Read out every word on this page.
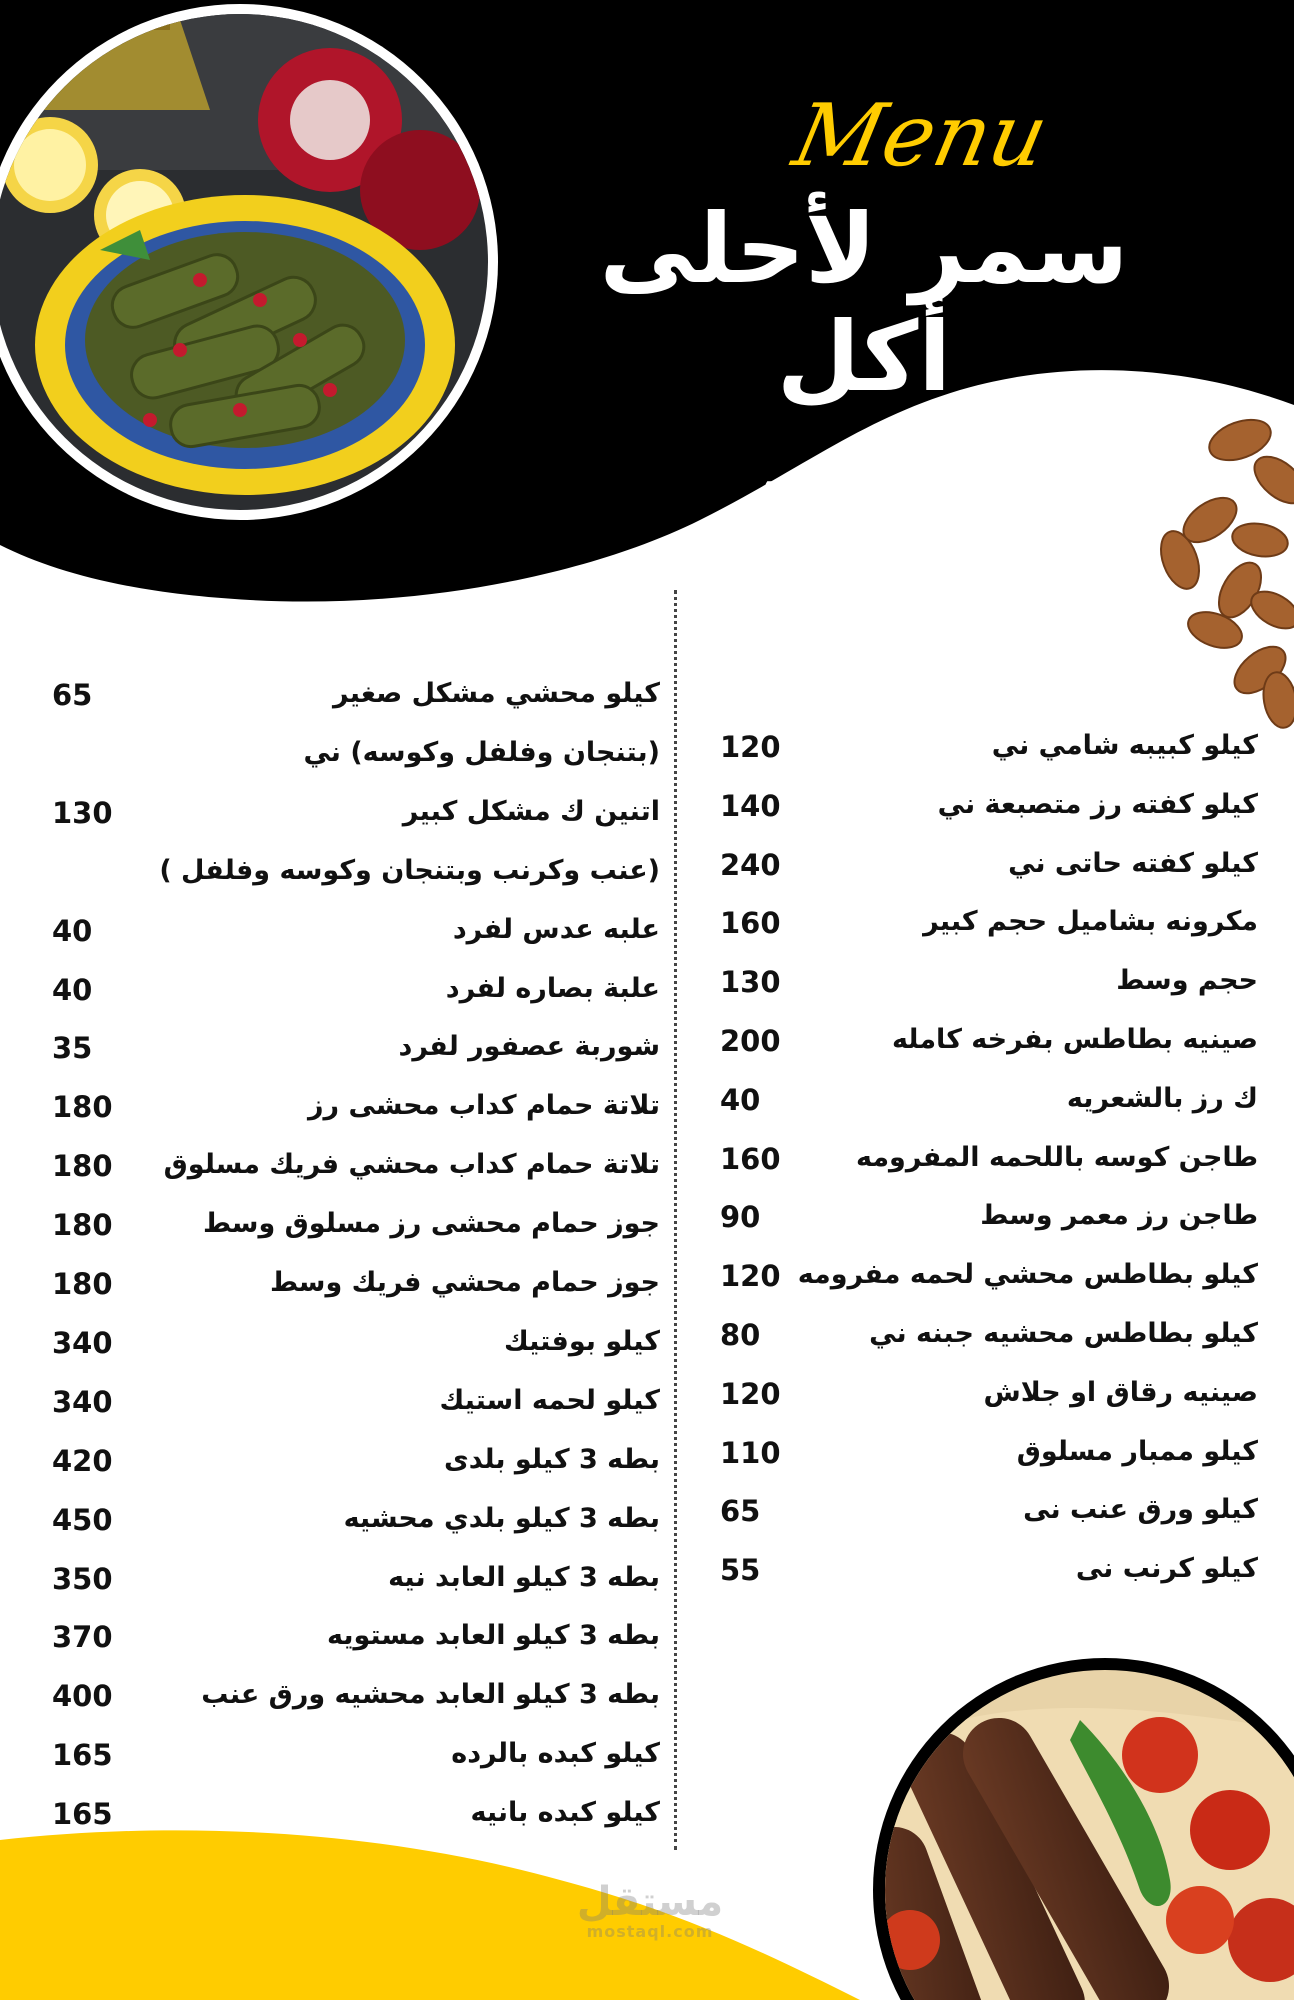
Menu
سمر لأحلى أكل
بيتي
كيلو محشي مشكل صغير
65
(بتنجان وفلفل وكوسه) ني
اتنين ك مشكل كبير
130
(عنب وكرنب وبتنجان وكوسه وفلفل )
علبه عدس لفرد
40
علبة بصاره لفرد
40
شوربة عصفور لفرد
35
تلاتة حمام كداب محشى رز
180
تلاتة حمام كداب محشي فريك مسلوق
180
جوز حمام محشى رز مسلوق وسط
180
جوز حمام محشي فريك وسط
180
كيلو بوفتيك
340
كيلو لحمه استيك
340
بطه 3 كيلو بلدى
420
بطه 3 كيلو بلدي محشيه
450
بطه 3 كيلو العابد نيه
350
بطه 3 كيلو العابد مستويه
370
بطه 3 كيلو العابد محشيه ورق عنب
400
كيلو كبده بالرده
165
كيلو كبده بانيه
165
كيلو كبيبه شامي ني
120
كيلو كفته رز متصبعة ني
140
كيلو كفته حاتى ني
240
مكرونه بشاميل حجم كبير
160
حجم وسط
130
صينيه بطاطس بفرخه كامله
200
ك رز بالشعريه
40
طاجن كوسه باللحمه المفرومه
160
طاجن رز معمر وسط
90
كيلو بطاطس محشي لحمه مفرومه
120
كيلو بطاطس محشيه جبنه ني
80
صينيه رقاق او جلاش
120
كيلو ممبار مسلوق
110
كيلو ورق عنب نى
65
كيلو كرنب نى
55
مستقل
mostaql.com
